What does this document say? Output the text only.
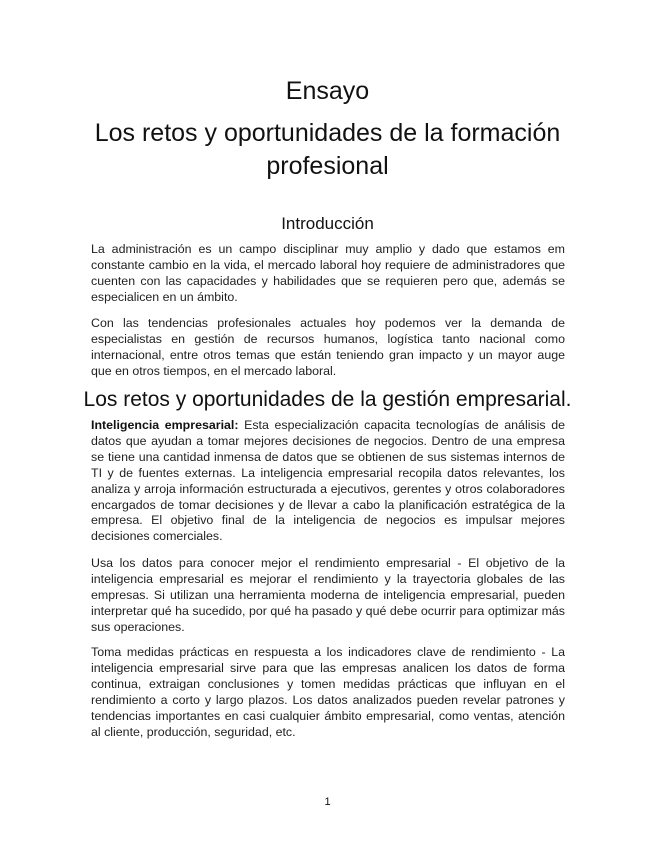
Ensayo
Los retos y oportunidades de la formación profesional
Introducción

La administración es un campo disciplinar muy amplio y dado que estamos em constante cambio en la vida, el mercado laboral hoy requiere de administradores que cuenten con las capacidades y habilidades que se requieren pero que, además se especialicen en un ámbito.

Con las tendencias profesionales actuales hoy podemos ver la demanda de especialistas en gestión de recursos humanos, logística tanto nacional como internacional, entre otros temas que están teniendo gran impacto y un mayor auge que en otros tiempos, en el mercado laboral.

Los retos y oportunidades de la gestión empresarial.

Inteligencia empresarial: Esta especialización capacita tecnologías de análisis de datos que ayudan a tomar mejores decisiones de negocios. Dentro de una empresa se tiene una cantidad inmensa de datos que se obtienen de sus sistemas internos de TI y de fuentes externas. La inteligencia empresarial recopila datos relevantes, los analiza y arroja información estructurada a ejecutivos, gerentes y otros colaboradores encargados de tomar decisiones y de llevar a cabo la planificación estratégica de la empresa. El objetivo final de la inteligencia de negocios es impulsar mejores decisiones comerciales.

Usa los datos para conocer mejor el rendimiento empresarial - El objetivo de la inteligencia empresarial es mejorar el rendimiento y la trayectoria globales de las empresas. Si utilizan una herramienta moderna de inteligencia empresarial, pueden interpretar qué ha sucedido, por qué ha pasado y qué debe ocurrir para optimizar más sus operaciones.

Toma medidas prácticas en respuesta a los indicadores clave de rendimiento - La inteligencia empresarial sirve para que las empresas analicen los datos de forma continua, extraigan conclusiones y tomen medidas prácticas que influyan en el rendimiento a corto y largo plazos. Los datos analizados pueden revelar patrones y tendencias importantes en casi cualquier ámbito empresarial, como ventas, atención al cliente, producción, seguridad, etc.

1
